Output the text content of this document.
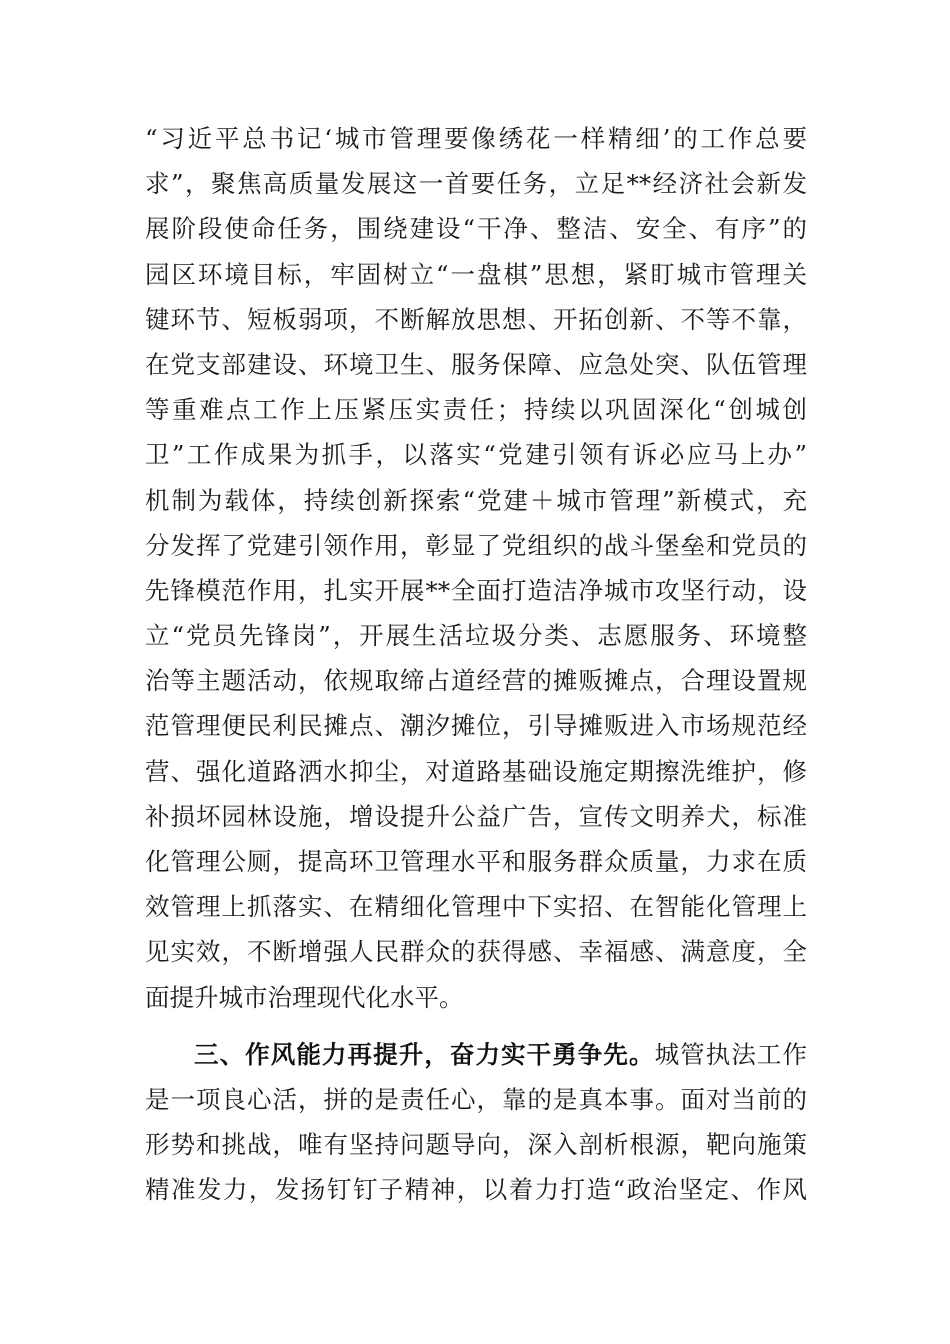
“习近平总书记‘城市管理要像绣花一样精细’的工作总要
求”，聚焦高质量发展这一首要任务，立足**经济社会新发
展阶段使命任务，围绕建设“干净、整洁、安全、有序”的
园区环境目标，牢固树立“一盘棋”思想，紧盯城市管理关
键环节、短板弱项，不断解放思想、开拓创新、不等不靠，
在党支部建设、环境卫生、服务保障、应急处突、队伍管理
等重难点工作上压紧压实责任；持续以巩固深化“创城创
卫”工作成果为抓手，以落实“党建引领有诉必应马上办”
机制为载体，持续创新探索“党建＋城市管理”新模式，充
分发挥了党建引领作用，彰显了党组织的战斗堡垒和党员的
先锋模范作用，扎实开展**全面打造洁净城市攻坚行动，设
立“党员先锋岗”，开展生活垃圾分类、志愿服务、环境整
治等主题活动，依规取缔占道经营的摊贩摊点，合理设置规
范管理便民利民摊点、潮汐摊位，引导摊贩进入市场规范经
营、强化道路洒水抑尘，对道路基础设施定期擦洗维护，修
补损坏园林设施，增设提升公益广告，宣传文明养犬，标准
化管理公厕，提高环卫管理水平和服务群众质量，力求在质
效管理上抓落实、在精细化管理中下实招、在智能化管理上
见实效，不断增强人民群众的获得感、幸福感、满意度，全
面提升城市治理现代化水平。
三、作风能力再提升，奋力实干勇争先。城管执法工作
是一项良心活，拼的是责任心，靠的是真本事。面对当前的
形势和挑战，唯有坚持问题导向，深入剖析根源，靶向施策
精准发力，发扬钉钉子精神，以着力打造“政治坚定、作风
